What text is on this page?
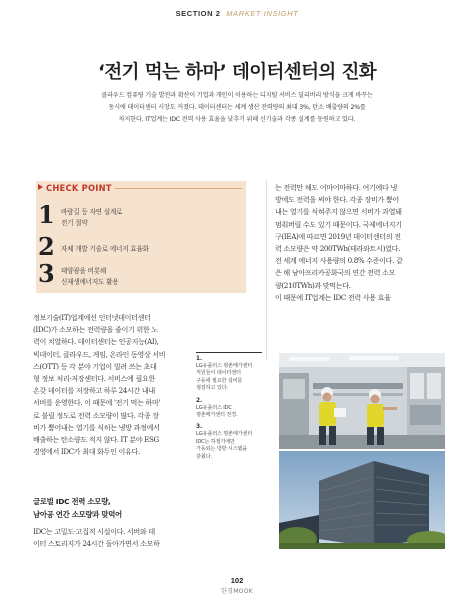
SECTION 2 MARKET INSIGHT
‘전기 먹는 하마’ 데이터센터의 진화
클라우드 컴퓨팅 기술 발전과 확산이 기업과 개인이 이용하는 디지털 서비스 딜리버리 방식을 크게 바꾸는
동시에 데이터센터 시장도 커졌다. 데이터센터는 세계 생산 전력량의 최대 3%, 탄소 배출량의 2%를
차지한다. IT업계는 IDC 전력 사용 효율을 낮추기 위해 신기술과 각종 설계를 동원하고 있다.
CHECK POINT
1 바람길 등 자연 설계로
전기 절약
2 자체 개발 기술로 에너지 효율화
3 태양광을 비롯해
신재생에너지도 활용

정보기술(IT)업계에선 인터넷데이터센터

(IDC)가 소모하는 전력량을 줄이기 위한 노

력이 치열하다. 데이터센터는 인공지능(AI),

빅데이터, 클라우드, 게임, 온라인 동영상 서비

스(OTT) 등 각 분야 기업이 빌려 쓰는 초대

형 정보 처리·저장센터다. 서비스에 필요한

온갖 데이터를 저장하고 하루 24시간 내내

서버를 운영한다. 이 때문에 '전기 먹는 하마'

로 불릴 정도로 전력 소모량이 많다. 각종 장

비가 뿜어내는 열기를 식히는 냉방 과정에서

배출하는 탄소량도 적지 않다. IT 분야 ESG

경영에서 IDC가 최대 화두인 이유다.

글로벌 IDC 전력 소모량,
남아공 연간 소모량과 맞먹어

IDC는 고밀도·고집적 시설이다. 서버와 데

이터 스토리지가 24시간 돌아가면서 소모하

는 전력만 해도 어마어마하다. 여기에다 냉

방에도 전력을 써야 한다. 각종 장비가 뿜어

내는 열기를 식혀주지 않으면 서버가 과열돼

멈춰버릴 수도 있기 때문이다. 국제에너지기

구(IEA)에 따르면 2019년 데이터센터의 전

력 소모량은 약 200TWh(테라와트시)였다.

전 세계 에너지 사용량의 0.8% 수준이다. 같

은 해 남아프리카공화국의 연간 전력 소모

량(210TWh)과 맞먹는다.

이 때문에 IT업계는 IDC 전력 사용 효율

1.
LG유플러스 평촌메가센터
직원들이 데이터센터
구동에 필요한 설비를
점검하고 있다.
2.
LG유플러스 IDC
평촌메가센터 전경.
3.
LG유플러스 평촌메가센터
IDC는 하절기에만
가동되는 냉방 시스템을
갖췄다.
102
한경MOOK
